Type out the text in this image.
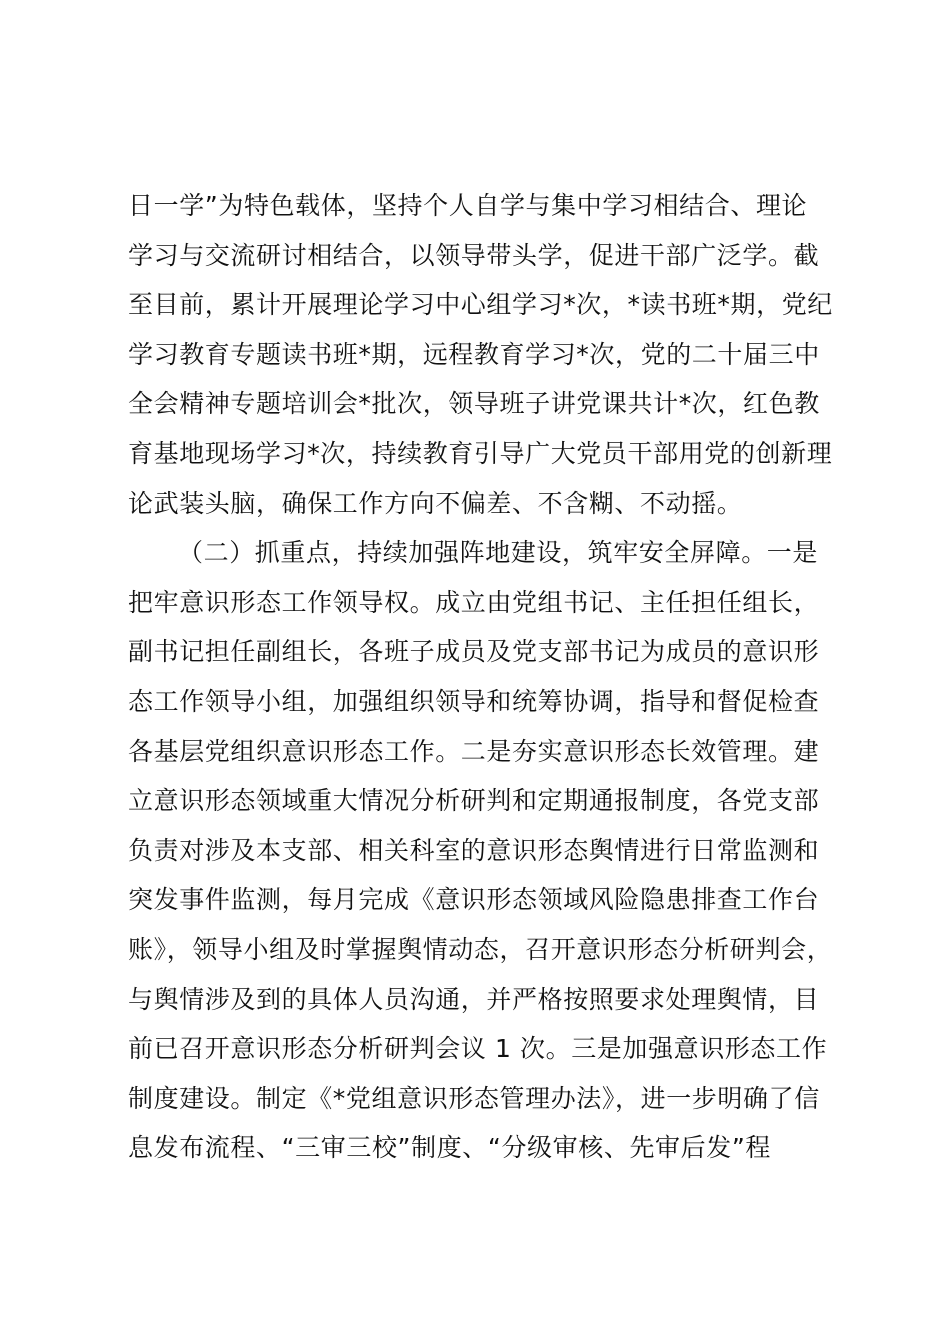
日一学”为特色载体，坚持个人自学与集中学习相结合、理论
学习与交流研讨相结合，以领导带头学，促进干部广泛学。截
至目前，累计开展理论学习中心组学习*次，*读书班*期，党纪
学习教育专题读书班*期，远程教育学习*次，党的二十届三中
全会精神专题培训会*批次，领导班子讲党课共计*次，红色教
育基地现场学习*次，持续教育引导广大党员干部用党的创新理
论武装头脑，确保工作方向不偏差、不含糊、不动摇。
（二）抓重点，持续加强阵地建设，筑牢安全屏障。一是
把牢意识形态工作领导权。成立由党组书记、主任担任组长，
副书记担任副组长，各班子成员及党支部书记为成员的意识形
态工作领导小组，加强组织领导和统筹协调，指导和督促检查
各基层党组织意识形态工作。二是夯实意识形态长效管理。建
立意识形态领域重大情况分析研判和定期通报制度，各党支部
负责对涉及本支部、相关科室的意识形态舆情进行日常监测和
突发事件监测，每月完成《意识形态领域风险隐患排查工作台
账》，领导小组及时掌握舆情动态，召开意识形态分析研判会，
与舆情涉及到的具体人员沟通，并严格按照要求处理舆情，目
前已召开意识形态分析研判会议 1 次。三是加强意识形态工作
制度建设。制定《*党组意识形态管理办法》，进一步明确了信
息发布流程、“三审三校”制度、“分级审核、先审后发”程
